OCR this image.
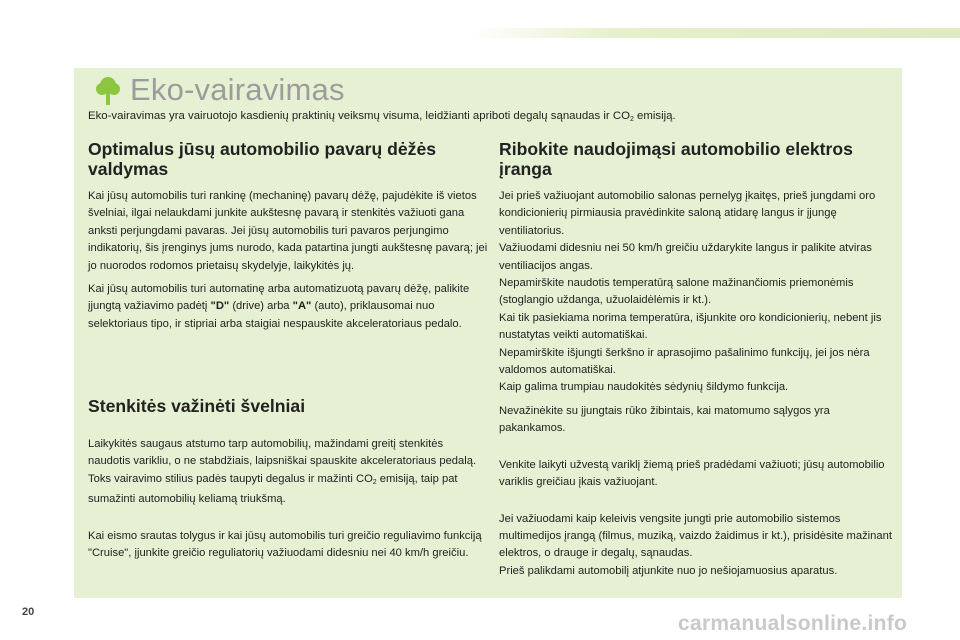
Eko-vairavimas
Eko-vairavimas yra vairuotojo kasdienių praktinių veiksmų visuma, leidžianti apriboti degalų sąnaudas ir $CO_2$ emisiją.
Optimalus jūsų automobilio pavarų dėžės valdymas

Kai jūsų automobilis turi rankinę (mechaninę) pavarų dėžę, pajudėkite iš vietos švelniai, ilgai nelaukdami junkite aukštesnę pavarą ir stenkitės važiuoti gana anksti perjungdami pavaras. Jei jūsų automobilis turi pavaros perjungimo indikatorių, šis įrenginys jums nurodo, kada patartina jungti aukštesnę pavarą; jei jo nuorodos rodomos prietaisų skydelyje, laikykitės jų.

Kai jūsų automobilis turi automatinę arba automatizuotą pavarų dėžę, palikite įjungtą važiavimo padėtį "D" (drive) arba "A" (auto), priklausomai nuo selektoriaus tipo, ir stipriai arba staigiai nespauskite akceleratoriaus pedalo.

Stenkitės važinėti švelniai

Laikykitės saugaus atstumo tarp automobilių, mažindami greitį stenkitės naudotis varikliu, o ne stabdžiais, laipsniškai spauskite akceleratoriaus pedalą. Toks vairavimo stilius padės taupyti degalus ir mažinti $CO_2$ emisiją, taip pat sumažinti automobilių keliamą triukšmą.

Kai eismo srautas tolygus ir kai jūsų automobilis turi greičio reguliavimo funkciją "Cruise", įjunkite greičio reguliatorių važiuodami didesniu nei 40 km/h greičiu.

Ribokite naudojimąsi automobilio elektros įranga

Jei prieš važiuojant automobilio salonas pernelyg įkaitęs, prieš jungdami oro kondicionierių pirmiausia pravėdinkite saloną atidarę langus ir įjungę ventiliatorius.
Važiuodami didesniu nei 50 km/h greičiu uždarykite langus ir palikite atviras ventiliacijos angas.
Nepamirškite naudotis temperatūrą salone mažinančiomis priemonėmis (stoglangio uždanga, užuolaidėlėmis ir kt.).
Kai tik pasiekiama norima temperatūra, išjunkite oro kondicionierių, nebent jis nustatytas veikti automatiškai.
Nepamirškite išjungti šerkšno ir aprasojimo pašalinimo funkcijų, jei jos nėra valdomos automatiškai.
Kaip galima trumpiau naudokitės sėdynių šildymo funkcija.

Nevažinėkite su įjungtais rūko žibintais, kai matomumo sąlygos yra pakankamos.

Venkite laikyti užvestą variklį žiemą prieš pradėdami važiuoti; jūsų automobilio variklis greičiau įkais važiuojant.

Jei važiuodami kaip keleivis vengsite jungti prie automobilio sistemos multimedijos įrangą (filmus, muziką, vaizdo žaidimus ir kt.), prisidėsite mažinant elektros, o drauge ir degalų, sąnaudas.
Prieš palikdami automobilį atjunkite nuo jo nešiojamuosius aparatus.

20	carmanualsonline.info
